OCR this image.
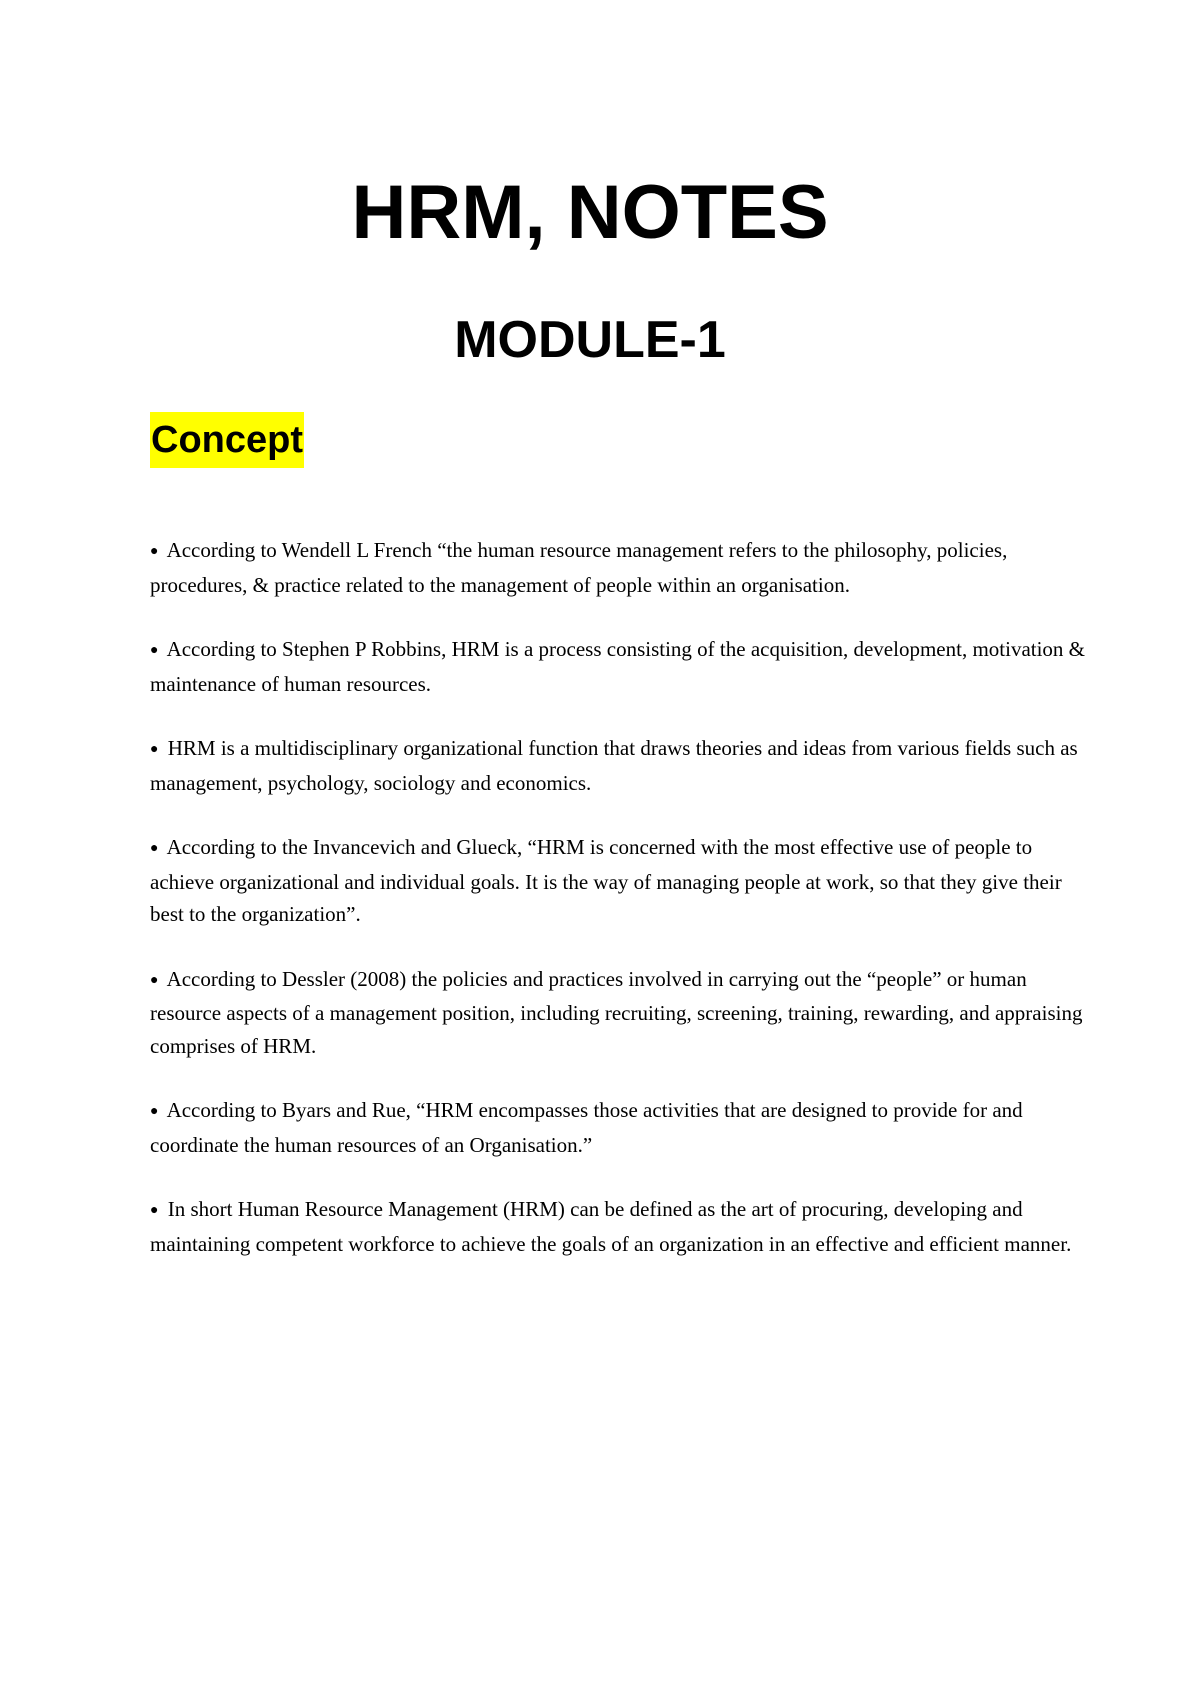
HRM, NOTES
MODULE-1
Concept
● According to Wendell L French “the human resource management refers to the philosophy, policies, procedures, & practice related to the management of people within an organisation.
● According to Stephen P Robbins, HRM is a process consisting of the acquisition, development, motivation & maintenance of human resources.
● HRM is a multidisciplinary organizational function that draws theories and ideas from various fields such as management, psychology, sociology and economics.
● According to the Invancevich and Glueck, “HRM is concerned with the most effective use of people to achieve organizational and individual goals. It is the way of managing people at work, so that they give their best to the organization”.
● According to Dessler (2008) the policies and practices involved in carrying out the “people” or human resource aspects of a management position, including recruiting, screening, training, rewarding, and appraising comprises of HRM.
● According to Byars and Rue, “HRM encompasses those activities that are designed to provide for and coordinate the human resources of an Organisation.”
● In short Human Resource Management (HRM) can be defined as the art of procuring, developing and maintaining competent workforce to achieve the goals of an organization in an effective and efficient manner.
